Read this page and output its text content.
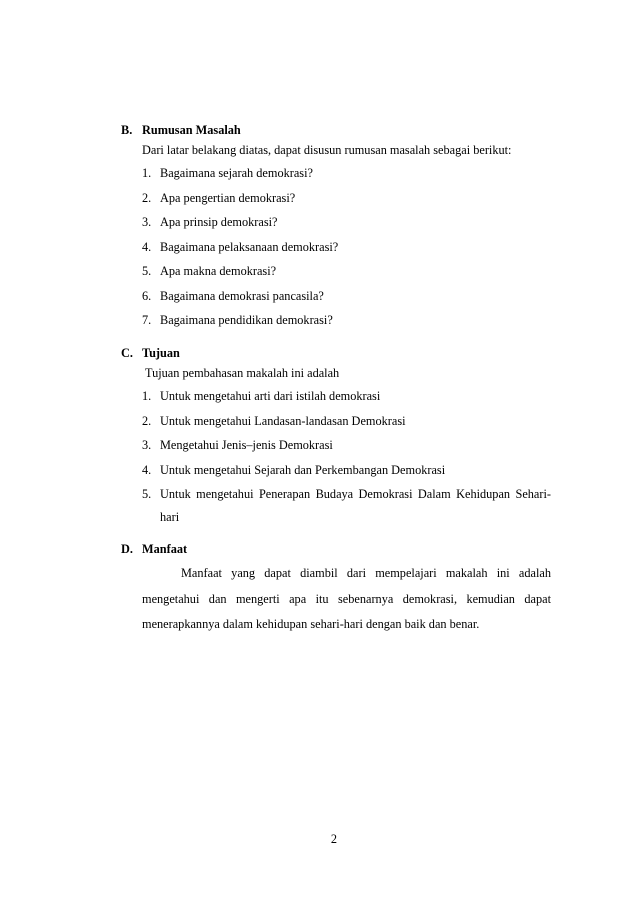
B. Rumusan Masalah
Dari latar belakang diatas, dapat disusun rumusan masalah sebagai berikut:
1. Bagaimana sejarah demokrasi?
2. Apa pengertian demokrasi?
3. Apa prinsip demokrasi?
4. Bagaimana pelaksanaan demokrasi?
5. Apa makna demokrasi?
6. Bagaimana demokrasi pancasila?
7. Bagaimana pendidikan demokrasi?
C. Tujuan
Tujuan pembahasan makalah ini adalah
1. Untuk mengetahui arti dari istilah demokrasi
2. Untuk mengetahui Landasan-landasan Demokrasi
3. Mengetahui Jenis–jenis Demokrasi
4. Untuk mengetahui Sejarah dan Perkembangan Demokrasi
5. Untuk mengetahui Penerapan Budaya Demokrasi Dalam Kehidupan Sehari-hari
D. Manfaat
Manfaat yang dapat diambil dari mempelajari makalah ini adalah mengetahui dan mengerti apa itu sebenarnya demokrasi, kemudian dapat menerapkannya dalam kehidupan sehari-hari dengan baik dan benar.
2
